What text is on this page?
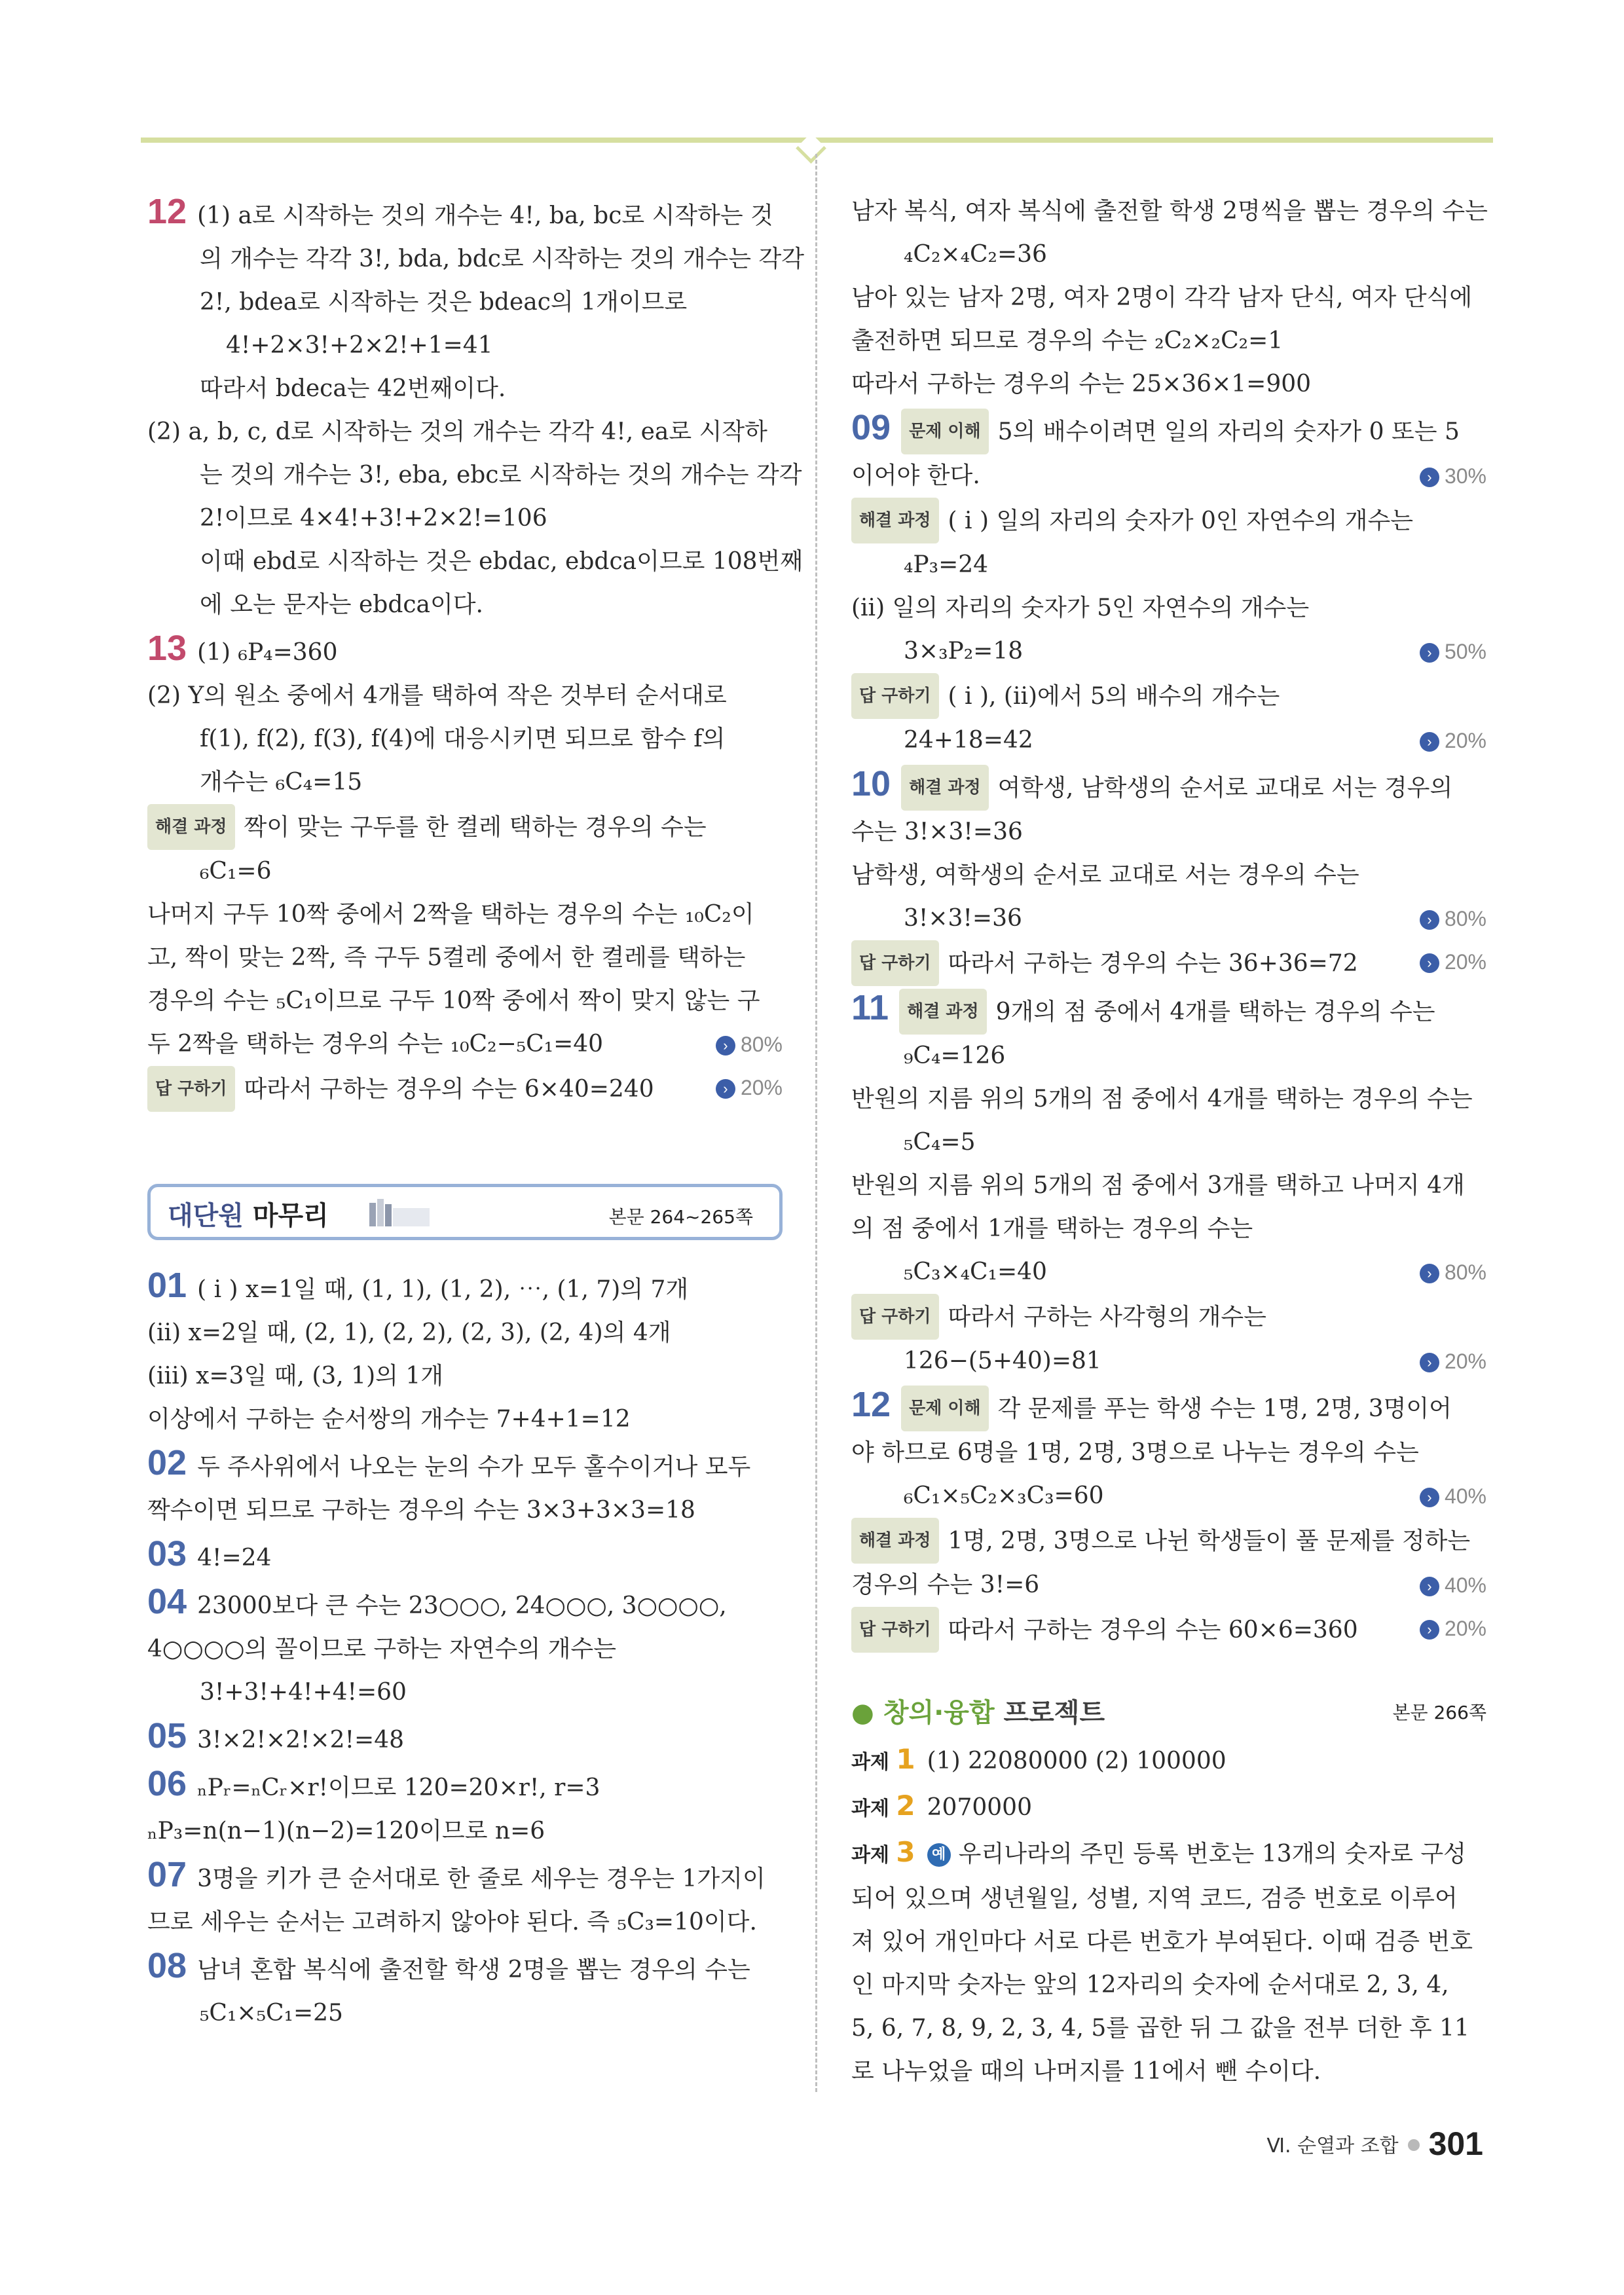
12 (1) a로 시작하는 것의 개수는 4!, ba, bc로 시작하는 것
의 개수는 각각 3!, bda, bdc로 시작하는 것의 개수는 각각
2!, bdea로 시작하는 것은 bdeac의 1개이므로
4!+2×3!+2×2!+1=41
따라서 bdeca는 42번째이다.
(2) a, b, c, d로 시작하는 것의 개수는 각각 4!, ea로 시작하
는 것의 개수는 3!, eba, ebc로 시작하는 것의 개수는 각각
2!이므로 4×4!+3!+2×2!=106
이때 ebd로 시작하는 것은 ebdac, ebdca이므로 108번째
에 오는 문자는 ebdca이다.
13 (1) ₆P₄=360
(2) Y의 원소 중에서 4개를 택하여 작은 것부터 순서대로
f(1), f(2), f(3), f(4)에 대응시키면 되므로 함수 f의
개수는 ₆C₄=15
해결 과정 짝이 맞는 구두를 한 켤레 택하는 경우의 수는
₆C₁=6
나머지 구두 10짝 중에서 2짝을 택하는 경우의 수는 ₁₀C₂이
고, 짝이 맞는 2짝, 즉 구두 5켤레 중에서 한 켤레를 택하는
경우의 수는 ₅C₁이므로 구두 10짝 중에서 짝이 맞지 않는 구
두 2짝을 택하는 경우의 수는 ₁₀C₂−₅C₁=40	› 80%
답 구하기 따라서 구하는 경우의 수는 6×40=240	› 20%
대단원 마무리	본문 264~265쪽
01 ( i ) x=1일 때, (1, 1), (1, 2), ⋯, (1, 7)의 7개
(ii) x=2일 때, (2, 1), (2, 2), (2, 3), (2, 4)의 4개
(iii) x=3일 때, (3, 1)의 1개
이상에서 구하는 순서쌍의 개수는 7+4+1=12
02 두 주사위에서 나오는 눈의 수가 모두 홀수이거나 모두
짝수이면 되므로 구하는 경우의 수는 3×3+3×3=18
03 4!=24
04 23000보다 큰 수는 23○○○, 24○○○, 3○○○○,
4○○○○의 꼴이므로 구하는 자연수의 개수는
3!+3!+4!+4!=60
05 3!×2!×2!×2!=48
06 ₙPᵣ=ₙCᵣ×r!이므로 120=20×r!, r=3
ₙP₃=n(n−1)(n−2)=120이므로 n=6
07 3명을 키가 큰 순서대로 한 줄로 세우는 경우는 1가지이
므로 세우는 순서는 고려하지 않아야 된다. 즉 ₅C₃=10이다.
08 남녀 혼합 복식에 출전할 학생 2명을 뽑는 경우의 수는
₅C₁×₅C₁=25
남자 복식, 여자 복식에 출전할 학생 2명씩을 뽑는 경우의 수는
₄C₂×₄C₂=36
남아 있는 남자 2명, 여자 2명이 각각 남자 단식, 여자 단식에
출전하면 되므로 경우의 수는 ₂C₂×₂C₂=1
따라서 구하는 경우의 수는 25×36×1=900
09 문제 이해 5의 배수이려면 일의 자리의 숫자가 0 또는 5
이어야 한다.	› 30%
해결 과정 ( i ) 일의 자리의 숫자가 0인 자연수의 개수는
₄P₃=24
(ii) 일의 자리의 숫자가 5인 자연수의 개수는
3×₃P₂=18	› 50%
답 구하기 ( i ), (ii)에서 5의 배수의 개수는
24+18=42	› 20%
10 해결 과정 여학생, 남학생의 순서로 교대로 서는 경우의
수는 3!×3!=36
남학생, 여학생의 순서로 교대로 서는 경우의 수는
3!×3!=36	› 80%
답 구하기 따라서 구하는 경우의 수는 36+36=72	› 20%
11 해결 과정 9개의 점 중에서 4개를 택하는 경우의 수는
₉C₄=126
반원의 지름 위의 5개의 점 중에서 4개를 택하는 경우의 수는
₅C₄=5
반원의 지름 위의 5개의 점 중에서 3개를 택하고 나머지 4개
의 점 중에서 1개를 택하는 경우의 수는
₅C₃×₄C₁=40	› 80%
답 구하기 따라서 구하는 사각형의 개수는
126−(5+40)=81	› 20%
12 문제 이해 각 문제를 푸는 학생 수는 1명, 2명, 3명이어
야 하므로 6명을 1명, 2명, 3명으로 나누는 경우의 수는
₆C₁×₅C₂×₃C₃=60	› 40%
해결 과정 1명, 2명, 3명으로 나뉜 학생들이 풀 문제를 정하는
경우의 수는 3!=6	› 40%
답 구하기 따라서 구하는 경우의 수는 60×6=360	› 20%
● 창의·융합 프로젝트	본문 266쪽
과제 1 (1) 22080000 (2) 100000
과제 2 2070000
과제 3 예 우리나라의 주민 등록 번호는 13개의 숫자로 구성
되어 있으며 생년월일, 성별, 지역 코드, 검증 번호로 이루어
져 있어 개인마다 서로 다른 번호가 부여된다. 이때 검증 번호
인 마지막 숫자는 앞의 12자리의 숫자에 순서대로 2, 3, 4,
5, 6, 7, 8, 9, 2, 3, 4, 5를 곱한 뒤 그 값을 전부 더한 후 11
로 나누었을 때의 나머지를 11에서 뺀 수이다.
Ⅵ. 순열과 조합 301
